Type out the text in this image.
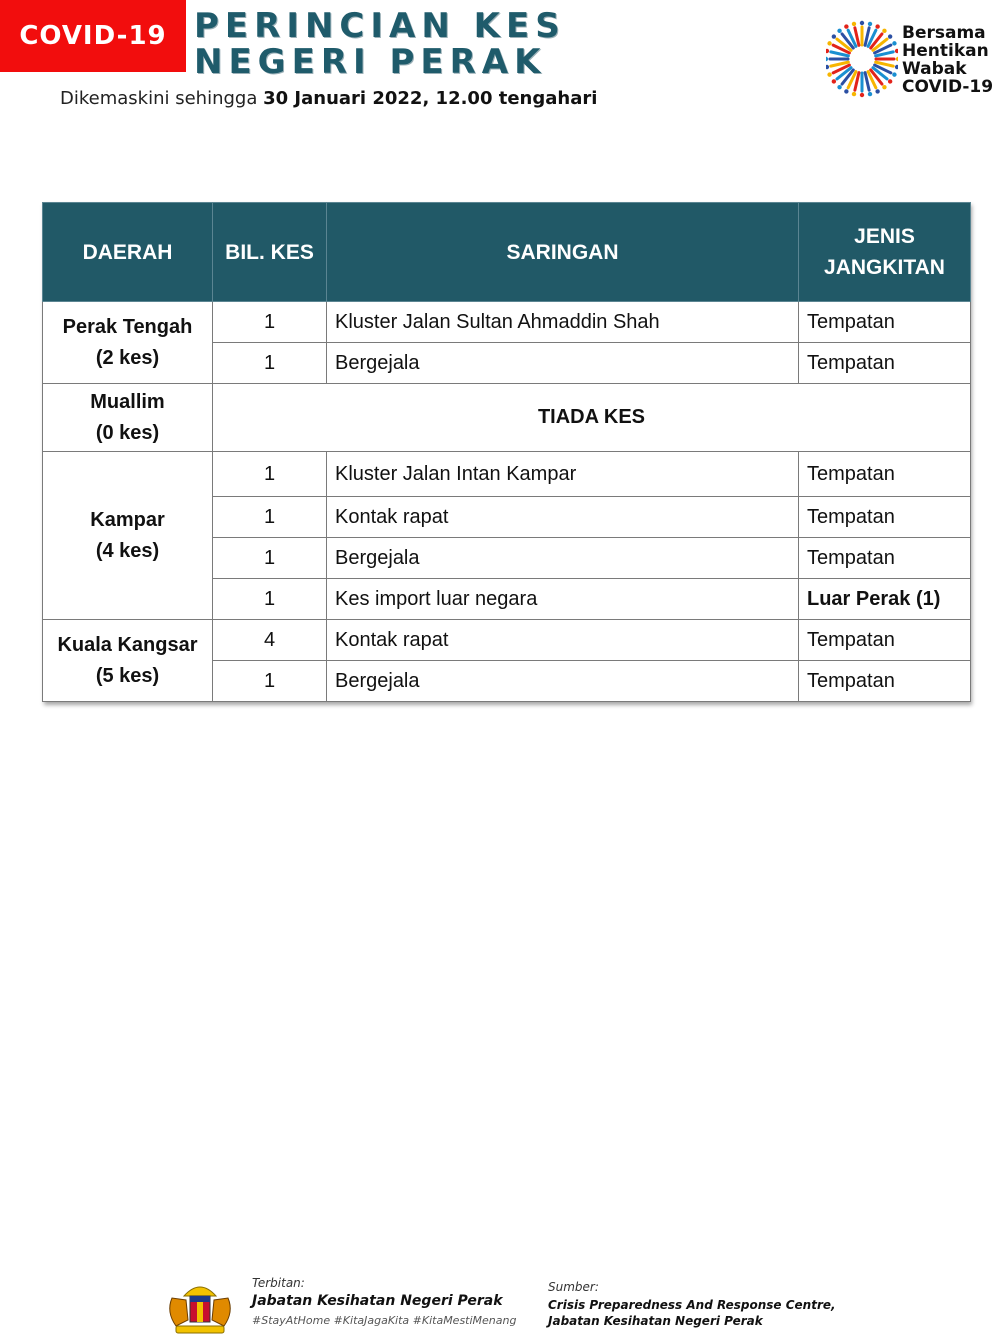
COVID-19 PERINCIAN KES
NEGERI PERAK
Dikemaskini sehingga 30 Januari 2022, 12.00 tengahari
Bersama
Hentikan
Wabak
COVID-19
DAERAH	BIL. KES	SARINGAN	JENIS
JANGKITAN

Perak Tengah
(2 kes)	1	Kluster Jalan Sultan Ahmaddin Shah	Tempatan
	1	Bergejala	Tempatan

Muallim
(0 kes)	TIADA KES		

Kampar
(4 kes)	1	Kluster Jalan Intan Kampar	Tempatan
	1	Kontak rapat	Tempatan
	1	Bergejala	Tempatan
	1	Kes import luar negara	Luar Perak (1)

Kuala Kangsar
(5 kes)	4	Kontak rapat	Tempatan
	1	Bergejala	Tempatan
Terbitan:
Jabatan Kesihatan Negeri Perak
#StayAtHome #KitaJagaKita #KitaMestiMenang
Sumber:
Crisis Preparedness And Response Centre,
Jabatan Kesihatan Negeri Perak
